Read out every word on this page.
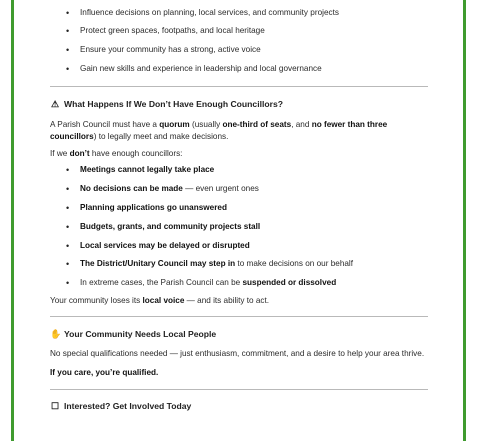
• Influence decisions on planning, local services, and community projects
• Protect green spaces, footpaths, and local heritage
• Ensure your community has a strong, active voice
• Gain new skills and experience in leadership and local governance
⚠ What Happens If We Don’t Have Enough Councillors?

A Parish Council must have a quorum (usually one-third of seats, and no fewer than three councillors) to legally meet and make decisions.

If we don’t have enough councillors:

• Meetings cannot legally take place
• No decisions can be made — even urgent ones
• Planning applications go unanswered
• Budgets, grants, and community projects stall
• Local services may be delayed or disrupted
• The District/Unitary Council may step in to make decisions on our behalf
• In extreme cases, the Parish Council can be suspended or dissolved

Your community loses its local voice — and its ability to act.

✋ Your Community Needs Local People

No special qualifications needed — just enthusiasm, commitment, and a desire to help your area thrive.

If you care, you’re qualified.

☐ Interested? Get Involved Today
